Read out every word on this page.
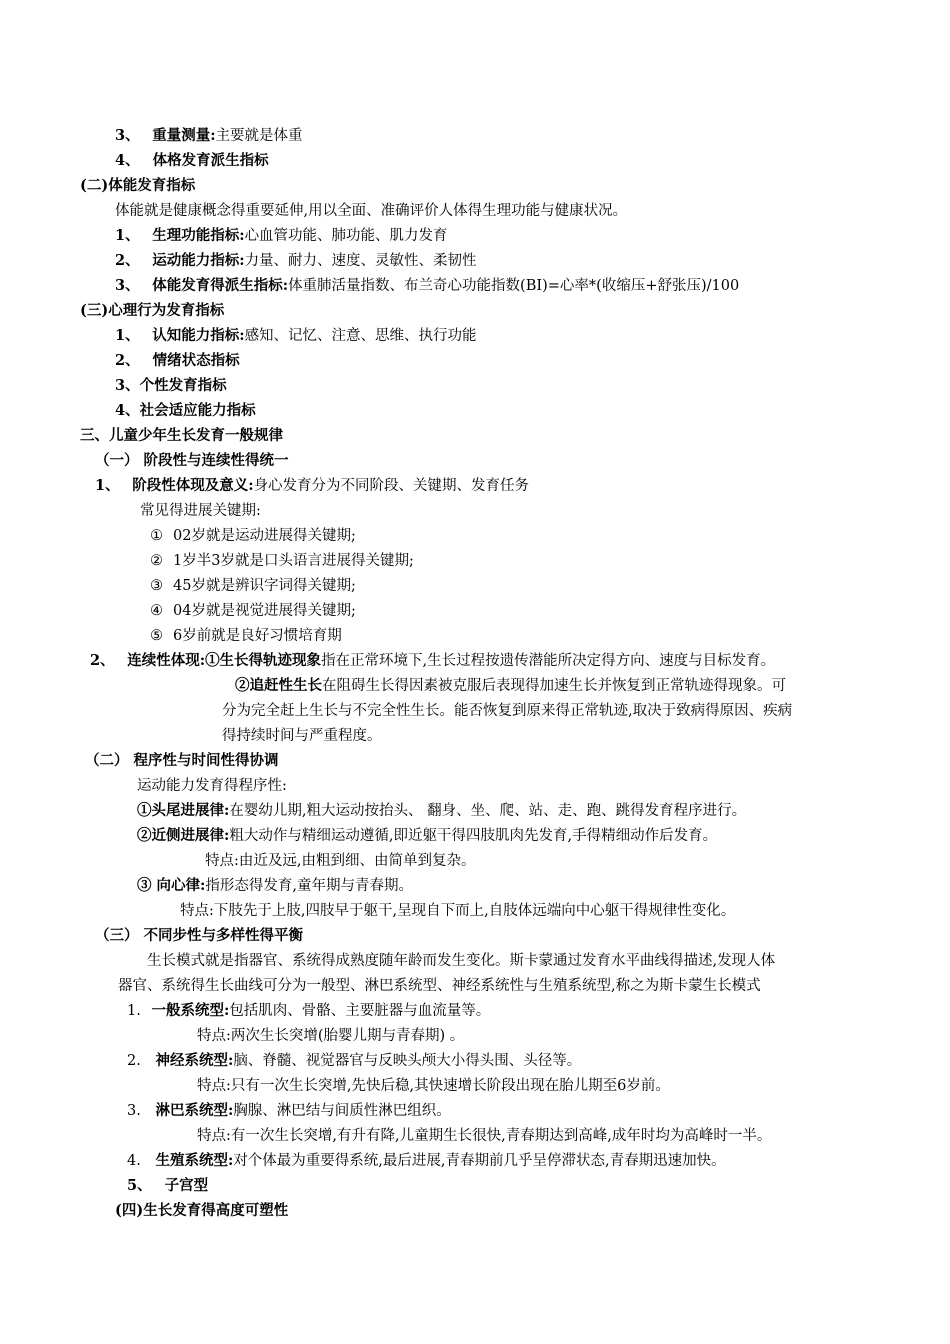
3、 重量测量:主要就是体重
4、 体格发育派生指标
(二)体能发育指标
体能就是健康概念得重要延伸,用以全面、准确评价人体得生理功能与健康状况。
1、 生理功能指标:心血管功能、肺功能、肌力发育
2、 运动能力指标:力量、耐力、速度、灵敏性、柔韧性
3、 体能发育得派生指标:体重肺活量指数、布兰奇心功能指数(BI)=心率*(收缩压+舒张压)/100
(三)心理行为发育指标
1、 认知能力指标:感知、记忆、注意、思维、执行功能
2、 情绪状态指标
3、个性发育指标
4、社会适应能力指标
三、儿童少年生长发育一般规律
（一） 阶段性与连续性得统一
1、 阶段性体现及意义:身心发育分为不同阶段、关键期、发育任务
常见得进展关键期:
① 02岁就是运动进展得关键期;
② 1岁半3岁就是口头语言进展得关键期;
③ 45岁就是辨识字词得关键期;
④ 04岁就是视觉进展得关键期;
⑤ 6岁前就是良好习惯培育期
2、 连续性体现:①生长得轨迹现象指在正常环境下,生长过程按遗传潜能所决定得方向、速度与目标发育。
②追赶性生长在阻碍生长得因素被克服后表现得加速生长并恢复到正常轨迹得现象。可
分为完全赶上生长与不完全性生长。能否恢复到原来得正常轨迹,取决于致病得原因、疾病
得持续时间与严重程度。
（二） 程序性与时间性得协调
运动能力发育得程序性:
①头尾进展律:在婴幼儿期,粗大运动按抬头、 翻身、坐、爬、站、走、跑、跳得发育程序进行。
②近侧进展律:粗大动作与精细运动遵循,即近躯干得四肢肌肉先发育,手得精细动作后发育。
特点:由近及远,由粗到细、由简单到复杂。
③ 向心律:指形态得发育,童年期与青春期。
特点:下肢先于上肢,四肢早于躯干,呈现自下而上,自肢体远端向中心躯干得规律性变化。
（三） 不同步性与多样性得平衡
生长模式就是指器官、系统得成熟度随年龄而发生变化。斯卡蒙通过发育水平曲线得描述,发现人体
器官、系统得生长曲线可分为一般型、淋巴系统型、神经系统性与生殖系统型,称之为斯卡蒙生长模式
1. 一般系统型:包括肌肉、骨骼、主要脏器与血流量等。
特点:两次生长突增(胎婴儿期与青春期) 。
2. 神经系统型:脑、脊髓、视觉器官与反映头颅大小得头围、头径等。
特点:只有一次生长突增,先快后稳,其快速增长阶段出现在胎儿期至6岁前。
3. 淋巴系统型:胸腺、淋巴结与间质性淋巴组织。
特点:有一次生长突增,有升有降,儿童期生长很快,青春期达到高峰,成年时均为高峰时一半。
4. 生殖系统型:对个体最为重要得系统,最后进展,青春期前几乎呈停滞状态,青春期迅速加快。
5、 子宫型
(四)生长发育得高度可塑性
